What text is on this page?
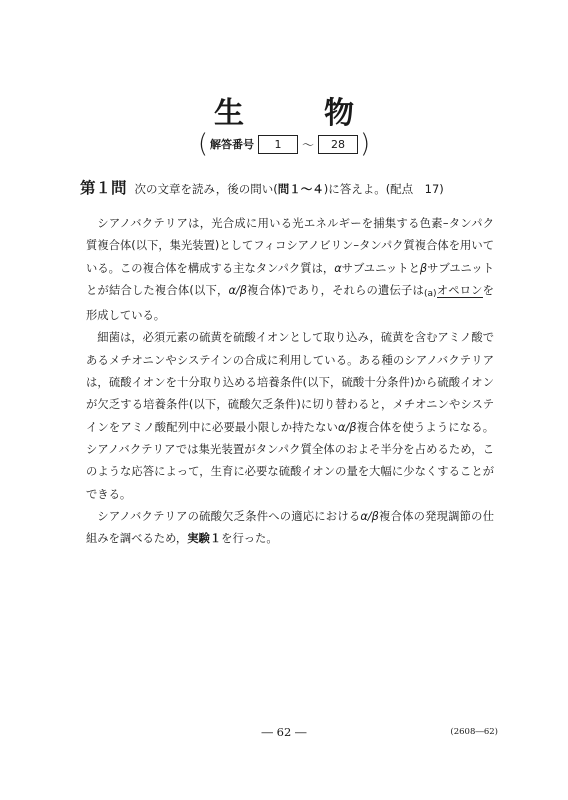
生	物
( 解答番号	1	～	28 )
第１問 次の文章を読み，後の問い(問１～４)に答えよ。(配点　17)

シアノバクテリアは，光合成に用いる光エネルギーを捕集する色素–タンパク質複合体(以下，集光装置)としてフィコシアノビリン–タンパク質複合体を用いている。この複合体を構成する主なタンパク質は，αサブユニットとβサブユニットとが結合した複合体(以下，α/β複合体)であり，それらの遺伝子は(a)オペロンを形成している。

細菌は，必須元素の硫黄を硫酸イオンとして取り込み，硫黄を含むアミノ酸であるメチオニンやシステインの合成に利用している。ある種のシアノバクテリアは，硫酸イオンを十分取り込める培養条件(以下，硫酸十分条件)から硫酸イオンが欠乏する培養条件(以下，硫酸欠乏条件)に切り替わると，メチオニンやシステインをアミノ酸配列中に必要最小限しか持たないα/β複合体を使うようになる。シアノバクテリアでは集光装置がタンパク質全体のおよそ半分を占めるため，このような応答によって，生育に必要な硫酸イオンの量を大幅に少なくすることができる。

シアノバクテリアの硫酸欠乏条件への適応におけるα/β複合体の発現調節の仕組みを調べるため，実験１を行った。

― 62 ―	(2608―62)
